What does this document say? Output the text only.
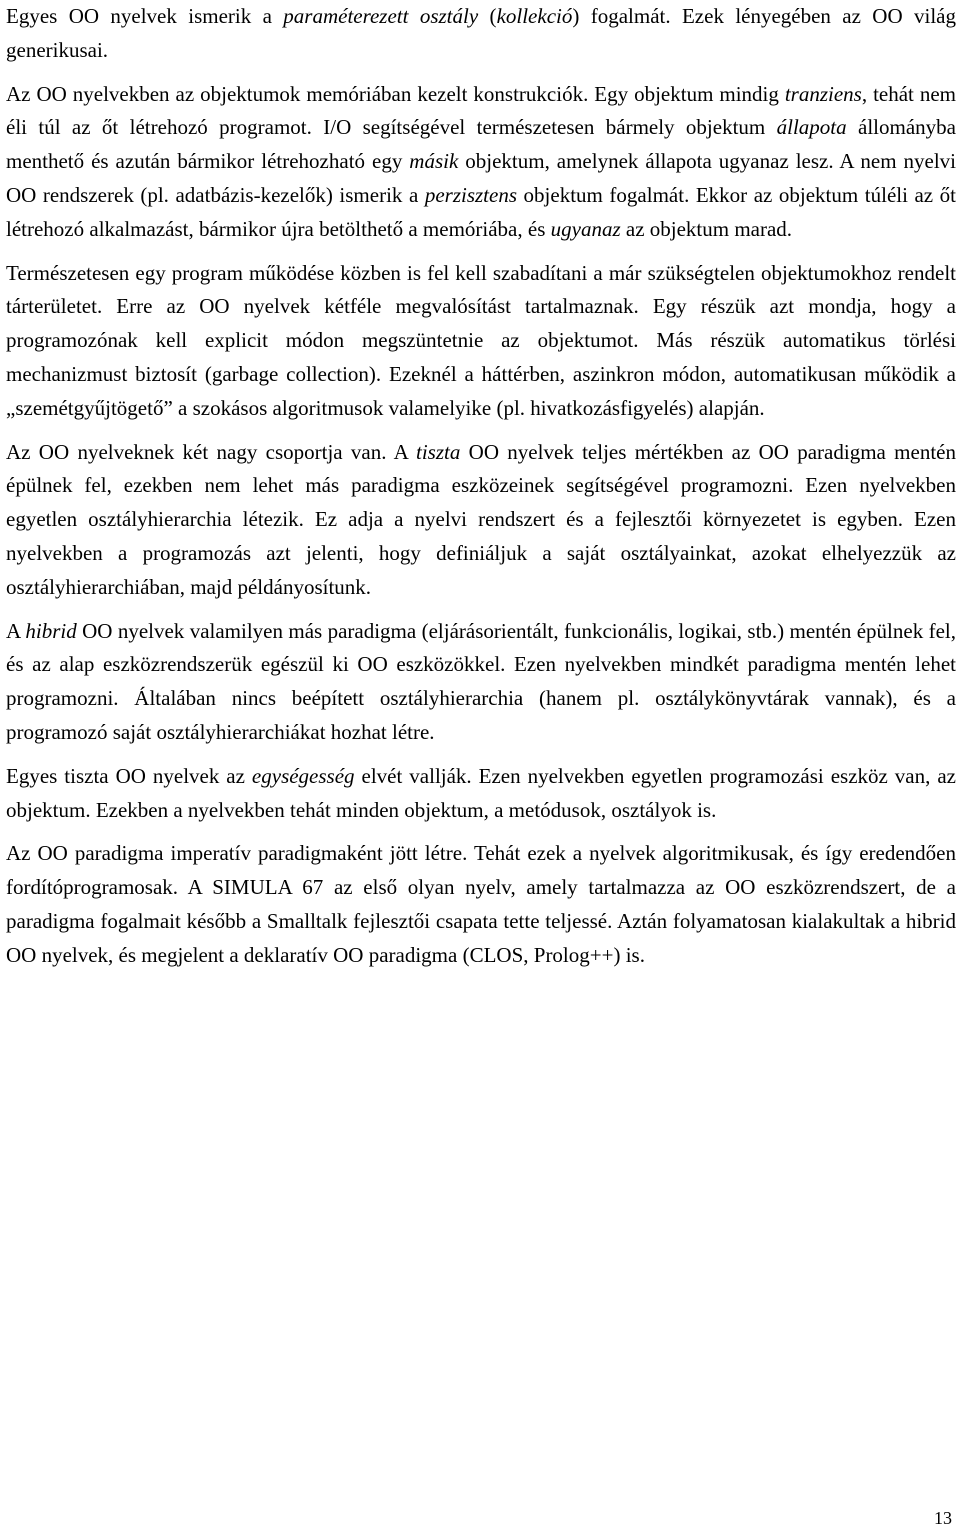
Egyes OO nyelvek ismerik a paraméterezett osztály (kollekció) fogalmát. Ezek lényegében az OO világ generikusai.

Az OO nyelvekben az objektumok memóriában kezelt konstrukciók. Egy objektum mindig tranziens, tehát nem éli túl az őt létrehozó programot. I/O segítségével természetesen bármely objektum állapota állományba menthető és azután bármikor létrehozható egy másik objektum, amelynek állapota ugyanaz lesz. A nem nyelvi OO rendszerek (pl. adatbázis-kezelők) ismerik a perzisztens objektum fogalmát. Ekkor az objektum túléli az őt létrehozó alkalmazást, bármikor újra betölthető a memóriába, és ugyanaz az objektum marad.

Természetesen egy program működése közben is fel kell szabadítani a már szükségtelen objektumokhoz rendelt tárterületet. Erre az OO nyelvek kétféle megvalósítást tartalmaznak. Egy részük azt mondja, hogy a programozónak kell explicit módon megszüntetnie az objektumot. Más részük automatikus törlési mechanizmust biztosít (garbage collection). Ezeknél a háttérben, aszinkron módon, automatikusan működik a „szemétgyűjtögető” a szokásos algoritmusok valamelyike (pl. hivatkozásfigyelés) alapján.

Az OO nyelveknek két nagy csoportja van. A tiszta OO nyelvek teljes mértékben az OO paradigma mentén épülnek fel, ezekben nem lehet más paradigma eszközeinek segítségével programozni. Ezen nyelvekben egyetlen osztályhierarchia létezik. Ez adja a nyelvi rendszert és a fejlesztői környezetet is egyben. Ezen nyelvekben a programozás azt jelenti, hogy definiáljuk a saját osztályainkat, azokat elhelyezzük az osztályhierarchiában, majd példányosítunk.

A hibrid OO nyelvek valamilyen más paradigma (eljárásorientált, funkcionális, logikai, stb.) mentén épülnek fel, és az alap eszközrendszerük egészül ki OO eszközökkel. Ezen nyelvekben mindkét paradigma mentén lehet programozni. Általában nincs beépített osztályhierarchia (hanem pl. osztálykönyvtárak vannak), és a programozó saját osztályhierarchiákat hozhat létre.

Egyes tiszta OO nyelvek az egységesség elvét vallják. Ezen nyelvekben egyetlen programozási eszköz van, az objektum. Ezekben a nyelvekben tehát minden objektum, a metódusok, osztályok is.

Az OO paradigma imperatív paradigmaként jött létre. Tehát ezek a nyelvek algoritmikusak, és így eredendően fordítóprogramosak. A SIMULA 67 az első olyan nyelv, amely tartalmazza az OO eszközrendszert, de a paradigma fogalmait később a Smalltalk fejlesztői csapata tette teljessé. Aztán folyamatosan kialakultak a hibrid OO nyelvek, és megjelent a deklaratív OO paradigma (CLOS, Prolog++) is.

13
